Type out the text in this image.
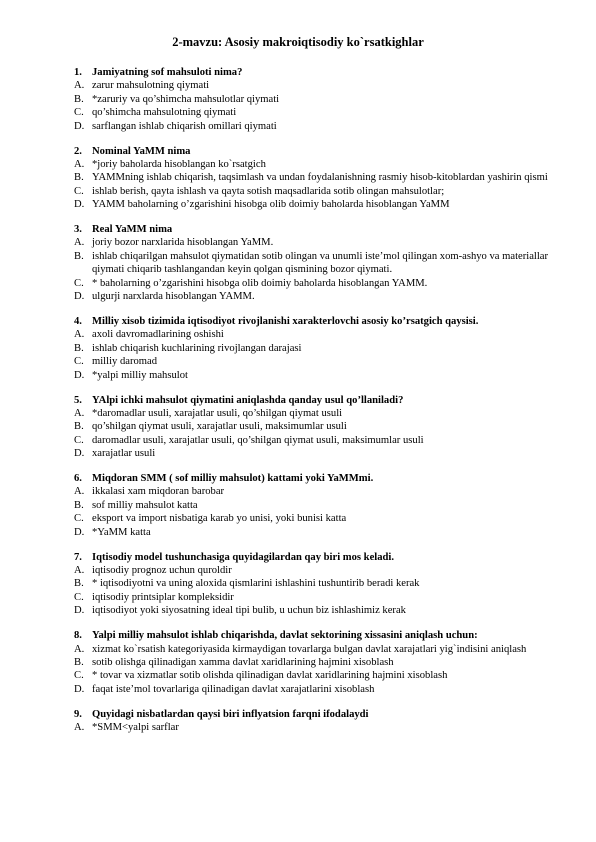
2-mavzu: Asosiy makroiqtisodiy ko`rsatkighlar
1. Jamiyatning sof mahsuloti nima?
A. zarur mahsulotning qiymati
B. *zaruriy va qo’shimcha mahsulotlar qiymati
C. qo’shimcha mahsulotning qiymati
D. sarflangan ishlab chiqarish omillari qiymati
2. Nominal YaMM nima
A. *joriy baholarda hisoblangan ko`rsatgich
B. YAMMning ishlab chiqarish, taqsimlash va undan foydalanishning rasmiy hisob-kitoblardan yashirin qismi
C. ishlab berish, qayta ishlash va qayta sotish maqsadlarida sotib olingan mahsulotlar;
D. YAMM baholarning o’zgarishini hisobga olib doimiy baholarda hisoblangan YaMM
3. Real YaMM nima
A. joriy bozor narxlarida hisoblangan YaMM.
B. ishlab chiqarilgan mahsulot qiymatidan sotib olingan va unumli iste’mol qilingan xom-ashyo va materiallar qiymati chiqarib tashlangandan keyin qolgan qismining bozor qiymati.
C. * baholarning o’zgarishini hisobga olib doimiy baholarda hisoblangan YAMM.
D. ulgurji narxlarda hisoblangan YAMM.
4. Milliy xisob tizimida iqtisodiyot rivojlanishi xarakterlovchi asosiy ko’rsatgich qaysisi.
A. axoli davromadlarining oshishi
B. ishlab chiqarish kuchlarining rivojlangan darajasi
C. milliy daromad
D. *yalpi milliy mahsulot
5. YAlpi ichki mahsulot qiymatini aniqlashda qanday usul qo’llaniladi?
A. *daromadlar usuli, xarajatlar usuli, qo’shilgan qiymat usuli
B. qo’shilgan qiymat usuli, xarajatlar usuli, maksimumlar usuli
C. daromadlar usuli, xarajatlar usuli, qo’shilgan qiymat usuli, maksimumlar usuli
D. xarajatlar usuli
6. Miqdoran SMM ( sof milliy mahsulot) kattami yoki YaMMmi.
A. ikkalasi xam miqdoran barobar
B. sof milliy mahsulot katta
C. eksport va import nisbatiga karab yo unisi, yoki bunisi katta
D. *YaMM katta
7. Iqtisodiy model tushunchasiga quyidagilardan qay biri mos keladi.
A. iqtisodiy prognoz uchun quroldir
B. * iqtisodiyotni va uning aloxida qismlarini ishlashini tushuntirib beradi kerak
C. iqtisodiy printsiplar kompleksidir
D. iqtisodiyot yoki siyosatning ideal tipi bulib, u uchun biz ishlashimiz kerak
8. Yalpi milliy mahsulot ishlab chiqarishda, davlat sektorining xissasini aniqlash uchun:
A. xizmat ko`rsatish kategoriyasida kirmaydigan tovarlarga bulgan davlat xarajatlari yig`indisini aniqlash
B. sotib olishga qilinadigan xamma davlat xaridlarining hajmini xisoblash
C. * tovar va xizmatlar sotib olishda qilinadigan davlat xaridlarining hajmini xisoblash
D. faqat iste’mol tovarlariga qilinadigan davlat xarajatlarini xisoblash
9. Quyidagi nisbatlardan qaysi biri inflyatsion farqni ifodalaydi
A. *SMM<yalpi sarflar
